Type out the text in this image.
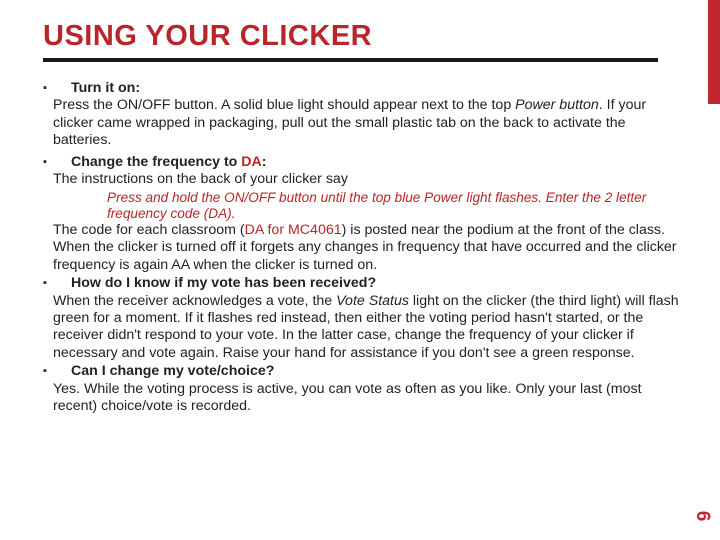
USING YOUR CLICKER

▪ Turn it on:

Press the ON/OFF button. A solid blue light should appear next to the top Power button. If your clicker came wrapped in packaging, pull out the small plastic tab on the back to activate the batteries.

▪ Change the frequency to DA:

The instructions on the back of your clicker say

Press and hold the ON/OFF button until the top blue Power light flashes. Enter the 2 letter frequency code (DA).

The code for each classroom (DA for MC4061) is posted near the podium at the front of the class. When the clicker is turned off it forgets any changes in frequency that have occurred and the clicker frequency is again AA when the clicker is turned on.

▪ How do I know if my vote has been received?

When the receiver acknowledges a vote, the Vote Status light on the clicker (the third light) will flash green for a moment. If it flashes red instead, then either the voting period hasn't started, or the receiver didn't respond to your vote. In the latter case, change the frequency of your clicker if necessary and vote again. Raise your hand for assistance if you don't see a green response.

▪ Can I change my vote/choice?

Yes. While the voting process is active, you can vote as often as you like. Only your last (most recent) choice/vote is recorded.

6
